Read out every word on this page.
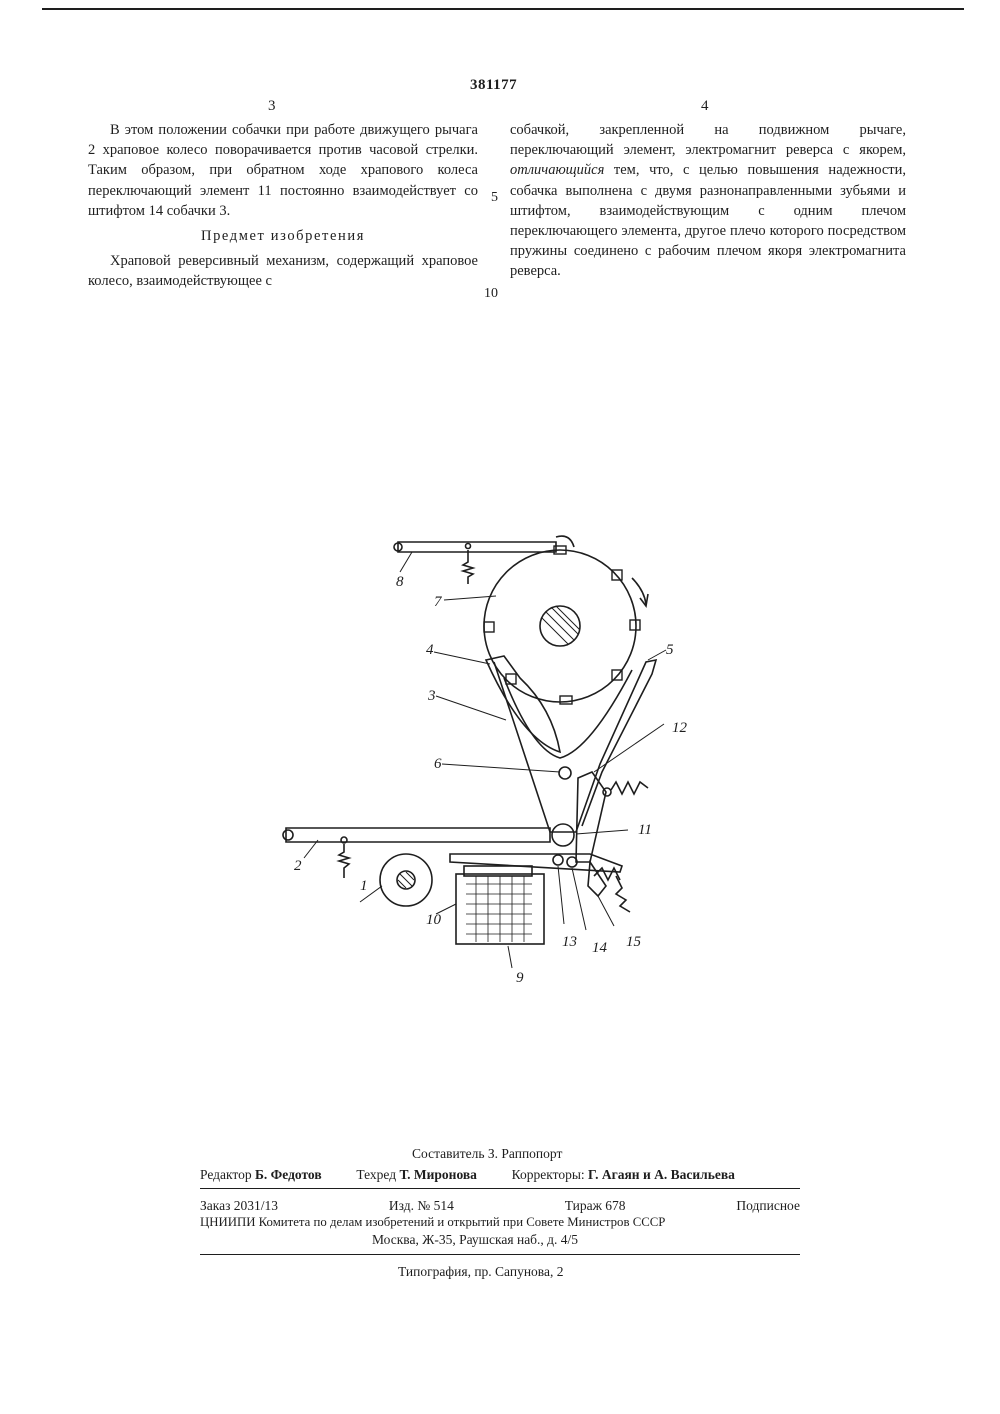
381177
3	4

В этом положении собачки при работе движущего рычага 2 храповое колесо поворачивается против часовой стрелки. Таким образом, при обратном ходе храпового колеса переключающий элемент 11 постоянно взаимодействует со штифтом 14 собачки 3.

Предмет изобретения

Храповой реверсивный механизм, содержащий храповое колесо, взаимодействующее с

5
10

собачкой, закрепленной на подвижном рычаге, переключающий элемент, электромагнит реверса с якорем, отличающийся тем, что, с целью повышения надежности, собачка выполнена с двумя разнонаправленными зубьями и штифтом, взаимодействующим с одним плечом переключающего элемента, другое плечо которого посредством пружины соединено с рабочим плечом якоря электромагнита реверса.

1
2
3
4	5
6
7
8
9
10
11
12
13 14 15
Составитель З. Раппопорт
Редактор Б. Федотов	Техред Т. Миронова	Корректоры: Г. Агаян и А. Васильева
Заказ 2031/13	Изд. № 514	Тираж 678	Подписное
ЦНИИПИ Комитета по делам изобретений и открытий при Совете Министров СССР
Москва, Ж-35, Раушская наб., д. 4/5
Типография, пр. Сапунова, 2
